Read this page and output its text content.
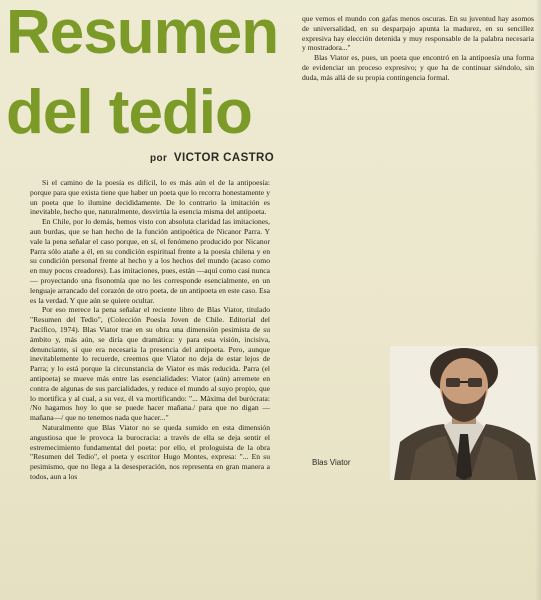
Resumen
del tedio
por VICTOR CASTRO

Si el camino de la poesía es difícil, lo es más aún el de la antipoesía: porque para que exista tiene que haber un poeta que lo recorra honestamente y un poeta que lo ilumine decididamente. De lo contrario la imitación es inevitable, hecho que, naturalmente, desvirtúa la esencia misma del antipoeta.

En Chile, por lo demás, hemos visto con absoluta claridad las imitaciones, aun burdas, que se han hecho de la función antipoética de Nicanor Parra. Y vale la pena señalar el caso porque, en sí, el fenómeno producido por Nicanor Parra sólo atañe a él, en su condición espiritual frente a la poesía chilena y en su condición personal frente al hecho y a los hechos del mundo (acaso como en muy pocos creadores). Las imitaciones, pues, están —aquí como casi nunca— proyectando una fisonomía que no les corresponde esencialmente, en un lenguaje arrancado del corazón de otro poeta, de un antipoeta en este caso. Esa es la verdad. Y que aún se quiere ocultar.

Por eso merece la pena señalar el reciente libro de Blas Viator, titulado "Resumen del Tedio", (Colección Poesía Joven de Chile. Editorial del Pacífico, 1974). Blas Viator trae en su obra una dimensión pesimista de su ámbito y, más aún, se diría que dramática: y para esta visión, incisiva, denunciante, sí que era necesaria la presencia del antipoeta. Pero, aunque inevitablemente lo recuerde, creemos que Viator no deja de estar lejos de Parra; y lo está porque la circunstancia de Viator es más reducida. Parra (el antipoeta) se mueve más entre las esencialidades: Viator (aún) arremete en contra de algunas de sus parcialidades, y reduce el mundo al suyo propio, que lo mortifica y al cual, a su vez, él va mortificando: "... Máxima del burócrata: /No hagamos hoy lo que se puede hacer mañana./ para que no digan — mañana—/ que no tenemos nada que hacer..."

Naturalmente que Blas Viator no se queda sumido en esta dimensión angustiosa que le provoca la burocracia: a través de ella se deja sentir el estremecimiento fundamental del poeta: por ello, el prologuista de la obra "Resumen del Tedio", el poeta y escritor Hugo Montes, expresa: "... En su pesimismo, que no llega a la desesperación, nos representa en gran manera a todos, aun a los

que vemos el mundo con gafas menos oscuras. En su juventud hay asomos de universalidad, en su desparpajo apunta la madurez, en su sencillez expresiva hay elección detenida y muy responsable de la palabra necesaria y mostradora..."

Blas Viator es, pues, un poeta que encontró en la antipoesía una forma de evidenciar un proceso expresivo; y que ha de continuar siéndolo, sin duda, más allá de su propia contingencia formal.

Blas Viator
